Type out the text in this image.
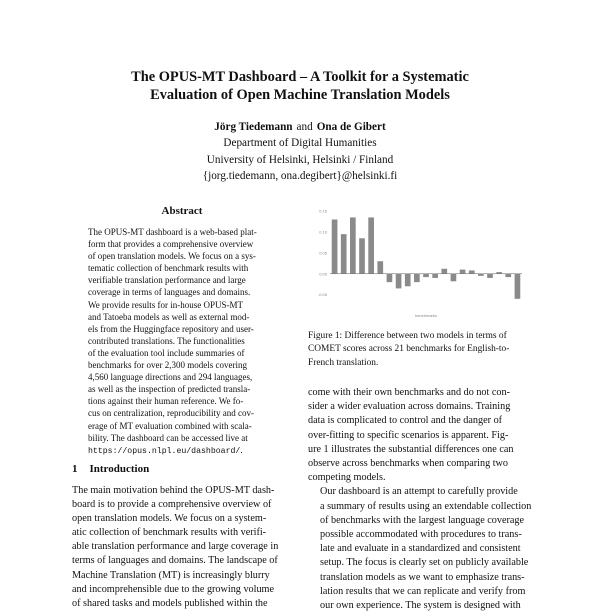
The OPUS-MT Dashboard – A Toolkit for a Systematic
Evaluation of Open Machine Translation Models
Jörg Tiedemann and Ona de Gibert
Department of Digital Humanities
University of Helsinki, Helsinki / Finland
{jorg.tiedemann, ona.degibert}@helsinki.fi
Abstract
The OPUS-MT dashboard is a web-based plat-
form that provides a comprehensive overview
of open translation models. We focus on a sys-
tematic collection of benchmark results with
verifiable translation performance and large
coverage in terms of languages and domains.
We provide results for in-house OPUS-MT
and Tatoeba models as well as external mod-
els from the Huggingface repository and user-
contributed translations. The functionalities
of the evaluation tool include summaries of
benchmarks for over 2,300 models covering
4,560 language directions and 294 languages,
as well as the inspection of predicted transla-
tions against their human reference. We fo-
cus on centralization, reproducibility and cov-
erage of MT evaluation combined with scala-
bility. The dashboard can be accessed live at
https://opus.nlpl.eu/dashboard/.
1 Introduction
The main motivation behind the OPUS-MT dash-
board is to provide a comprehensive overview of
open translation models. We focus on a system-
atic collection of benchmark results with verifi-
able translation performance and large coverage in
terms of languages and domains. The landscape of
Machine Translation (MT) is increasingly blurry
and incomprehensible due to the growing volume
of shared tasks and models published within the
0.15
0.10
0.05
0.00
-0.05
benchmarks
Figure 1: Difference between two models in terms of COMET scores across 21 benchmarks for English-to-French translation.

come with their own benchmarks and do not con-
sider a wider evaluation across domains. Training
data is complicated to control and the danger of
over-fitting to specific scenarios is apparent. Fig-
ure 1 illustrates the substantial differences one can
observe across benchmarks when comparing two
competing models.

Our dashboard is an attempt to carefully provide
a summary of results using an extendable collection
of benchmarks with the largest language coverage
possible accommodated with procedures to trans-
late and evaluate in a standardized and consistent
setup. The focus is clearly set on publicly available
translation models as we want to emphasize trans-
lation results that we can replicate and verify from
our own experience. The system is designed with
